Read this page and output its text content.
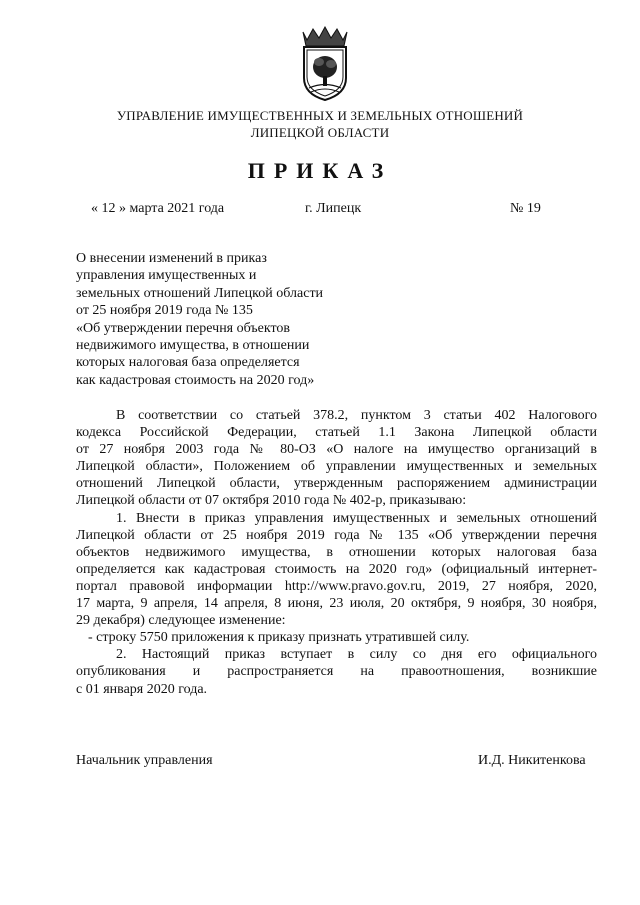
УПРАВЛЕНИЕ ИМУЩЕСТВЕННЫХ И ЗЕМЕЛЬНЫХ ОТНОШЕНИЙ
ЛИПЕЦКОЙ ОБЛАСТИ
ПРИКАЗ
« 12 » марта 2021 года	г. Липецк	№ 19
О внесении изменений в приказ
управления имущественных и
земельных отношений Липецкой области
от 25 ноября 2019 года № 135
«Об утверждении перечня объектов
недвижимого имущества, в отношении
которых налоговая база определяется
как кадастровая стоимость на 2020 год»
В соответствии со статьей 378.2, пунктом 3 статьи 402 Налогового
кодекса Российской Федерации, статьей 1.1 Закона Липецкой области
от 27 ноября 2003 года № 80-ОЗ «О налоге на имущество организаций в
Липецкой области», Положением об управлении имущественных и земельных
отношений Липецкой области, утвержденным распоряжением администрации
Липецкой области от 07 октября 2010 года № 402-р, приказываю:
1. Внести в приказ управления имущественных и земельных отношений
Липецкой области от 25 ноября 2019 года № 135 «Об утверждении перечня
объектов недвижимого имущества, в отношении которых налоговая база
определяется как кадастровая стоимость на 2020 год» (официальный интернет-
портал правовой информации http://www.pravo.gov.ru, 2019, 27 ноября, 2020,
17 марта, 9 апреля, 14 апреля, 8 июня, 23 июля, 20 октября, 9 ноября, 30 ноября,
29 декабря) следующее изменение:
- строку 5750 приложения к приказу признать утратившей силу.
2. Настоящий приказ вступает в силу со дня его официального
опубликования и распространяется на правоотношения, возникшие
с 01 января 2020 года.
Начальник управления	И.Д. Никитенкова
